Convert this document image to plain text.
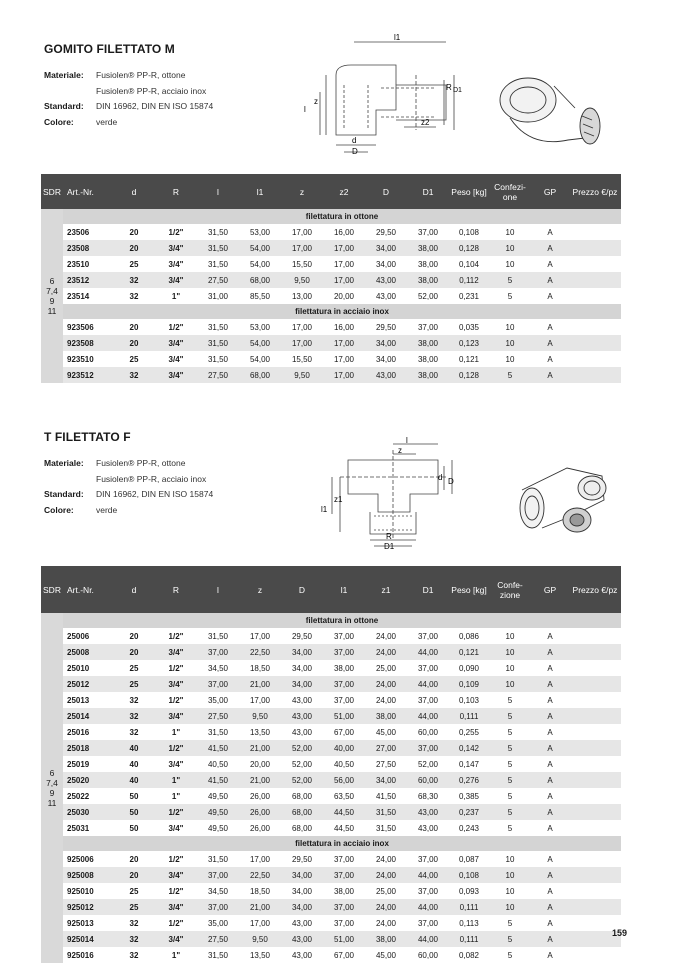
GOMITO FILETTATO M
Materiale: Fusiolen® PP-R, ottone
Fusiolen® PP-R, acciaio inox
Standard: DIN 16962, DIN EN ISO 15874
Colore:	verde
l1
R D1
l
z
z2
d
D
SDR	Art.-Nr.	d	R	l	l1	z	z2	D	D1	Peso [kg]	Confezi- one	GP	Prezzo €/pz

6
7,4
9
11	filettatura in ottone												
	23506	20	1/2"	31,50	53,00	17,00	16,00	29,50	37,00	0,108	10	A	
	23508	20	3/4"	31,50	54,00	17,00	17,00	34,00	38,00	0,128	10	A	
	23510	25	3/4"	31,50	54,00	15,50	17,00	34,00	38,00	0,104	10	A	
	23512	32	3/4"	27,50	68,00	9,50	17,00	43,00	38,00	0,112	5	A	
	23514	32	1"	31,00	85,50	13,00	20,00	43,00	52,00	0,231	5	A	
	filettatura in acciaio inox												
	923506	20	1/2"	31,50	53,00	17,00	16,00	29,50	37,00	0,035	10	A	
	923508	20	3/4"	31,50	54,00	17,00	17,00	34,00	38,00	0,123	10	A	
	923510	25	3/4"	31,50	54,00	15,50	17,00	34,00	38,00	0,121	10	A	
	923512	32	3/4"	27,50	68,00	9,50	17,00	43,00	38,00	0,128	5	A	
T FILETTATO F
Materiale: Fusiolen® PP-R, ottone
Fusiolen® PP-R, acciaio inox
Standard: DIN 16962, DIN EN ISO 15874
Colore:	verde
l
z
d D
z1
l1
R
D1
SDR	Art.-Nr.	d	R	l	z	D	l1	z1	D1	Peso [kg]	Confe- zione	GP	Prezzo €/pz

6
7,4
9
11	filettatura in ottone												
	25006	20	1/2"	31,50	17,00	29,50	37,00	24,00	37,00	0,086	10	A	
	25008	20	3/4"	37,00	22,50	34,00	37,00	24,00	44,00	0,121	10	A	
	25010	25	1/2"	34,50	18,50	34,00	38,00	25,00	37,00	0,090	10	A	
	25012	25	3/4"	37,00	21,00	34,00	37,00	24,00	44,00	0,109	10	A	
	25013	32	1/2"	35,00	17,00	43,00	37,00	24,00	37,00	0,103	5	A	
	25014	32	3/4"	27,50	9,50	43,00	51,00	38,00	44,00	0,111	5	A	
	25016	32	1"	31,50	13,50	43,00	67,00	45,00	60,00	0,255	5	A	
	25018	40	1/2"	41,50	21,00	52,00	40,00	27,00	37,00	0,142	5	A	
	25019	40	3/4"	40,50	20,00	52,00	40,50	27,50	52,00	0,147	5	A	
	25020	40	1"	41,50	21,00	52,00	56,00	34,00	60,00	0,276	5	A	
	25022	50	1"	49,50	26,00	68,00	63,50	41,50	68,30	0,385	5	A	
	25030	50	1/2"	49,50	26,00	68,00	44,50	31,50	43,00	0,237	5	A	
	25031	50	3/4"	49,50	26,00	68,00	44,50	31,50	43,00	0,243	5	A	
	filettatura in acciaio inox												
	925006	20	1/2"	31,50	17,00	29,50	37,00	24,00	37,00	0,087	10	A	
	925008	20	3/4"	37,00	22,50	34,00	37,00	24,00	44,00	0,108	10	A	
	925010	25	1/2"	34,50	18,50	34,00	38,00	25,00	37,00	0,093	10	A	
	925012	25	3/4"	37,00	21,00	34,00	37,00	24,00	44,00	0,111	10	A	
	925013	32	1/2"	35,00	17,00	43,00	37,00	24,00	37,00	0,113	5	A	
	925014	32	3/4"	27,50	9,50	43,00	51,00	38,00	44,00	0,111	5	A	
	925016	32	1"	31,50	13,50	43,00	67,00	45,00	60,00	0,082	5	A	
159
